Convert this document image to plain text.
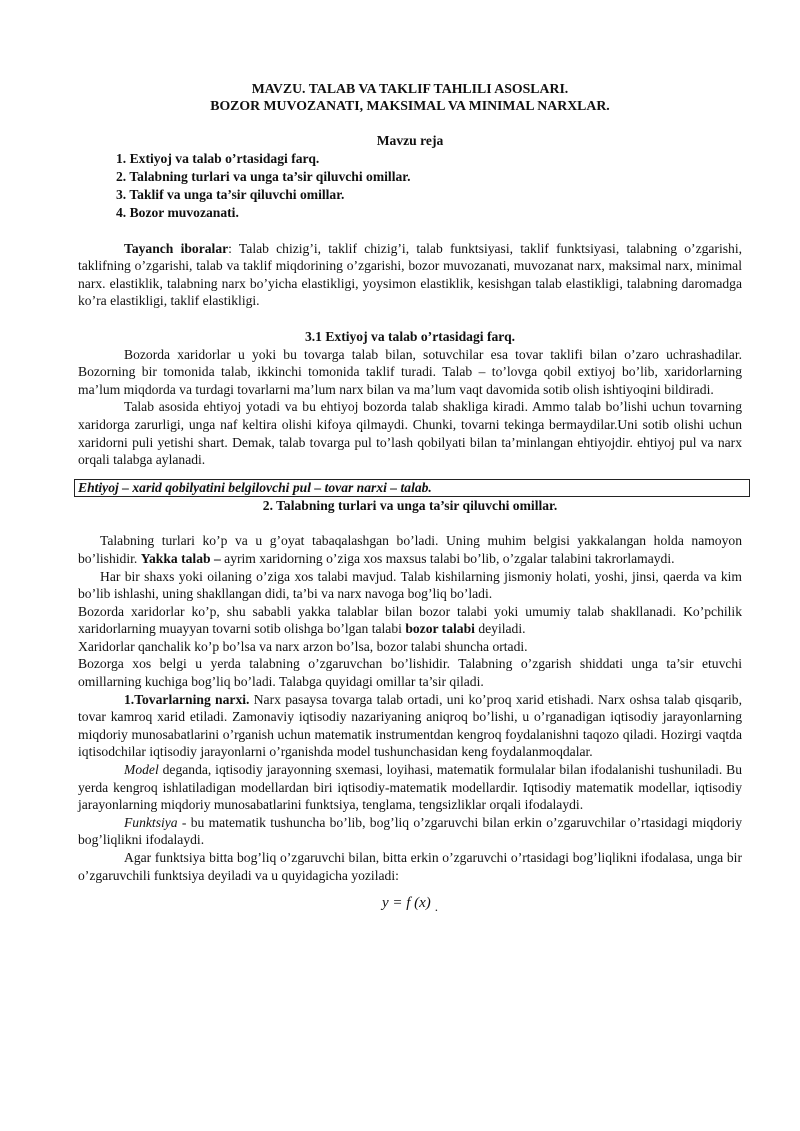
MAVZU. TALAB VA TAKLIF TAHLILI ASOSLARI.
BOZOR MUVOZANATI, MAKSIMAL VA MINIMAL NARXLAR.
Mavzu reja
1. Extiyoj va talab o’rtasidagi farq.
2. Talabning turlari va unga ta’sir qiluvchi omillar.
3. Taklif va unga ta’sir qiluvchi omillar.
4. Bozor muvozanati.

Tayanch iboralar: Talab chizig’i, taklif chizig’i, talab funktsiyasi, taklif funktsiyasi, talabning o’zgarishi, taklifning o’zgarishi, talab va taklif miqdorining o’zgarishi, bozor muvozanati, muvozanat narx, maksimal narx, minimal narx. elastiklik, talabning narx bo’yicha elastikligi, yoysimon elastiklik, kesishgan talab elastikligi, talabning daromadga ko’ra elastikligi, taklif elastikligi.

3.1 Extiyoj va talab o’rtasidagi farq.

Bozorda xaridorlar u yoki bu tovarga talab bilan, sotuvchilar esa tovar taklifi bilan o’zaro uchrashadilar. Bozorning bir tomonida talab, ikkinchi tomonida taklif turadi. Talab – to’lovga qobil extiyoj bo’lib, xaridorlarning ma’lum miqdorda va turdagi tovarlarni ma’lum narx bilan va ma’lum vaqt davomida sotib olish ishtiyoqini bildiradi.

Talab asosida ehtiyoj yotadi va bu ehtiyoj bozorda talab shakliga kiradi. Ammo talab bo’lishi uchun tovarning xaridorga zarurligi, unga naf keltira olishi kifoya qilmaydi. Chunki, tovarni tekinga bermaydilar.Uni sotib olishi uchun xaridorni puli yetishi shart. Demak, talab tovarga pul to’lash qobilyati bilan ta’minlangan ehtiyojdir. ehtiyoj pul va narx orqali talabga aylanadi.

Ehtiyoj – xarid qobilyatini belgilovchi pul – tovar narxi – talab.
2. Talabning turlari va unga ta’sir qiluvchi omillar.

Talabning turlari ko’p va u g’oyat tabaqalashgan bo’ladi. Uning muhim belgisi yakkalangan holda namoyon bo’lishidir. Yakka talab – ayrim xaridorning o’ziga xos maxsus talabi bo’lib, o’zgalar talabini takrorlamaydi.

Har bir shaxs yoki oilaning o’ziga xos talabi mavjud. Talab kishilarning jismoniy holati, yoshi, jinsi, qaerda va kim bo’lib ishlashi, uning shakllangan didi, ta’bi va narx navoga bog’liq bo’ladi.

Bozorda xaridorlar ko’p, shu sababli yakka talablar bilan bozor talabi yoki umumiy talab shakllanadi. Ko’pchilik xaridorlarning muayyan tovarni sotib olishga bo’lgan talabi bozor talabi deyiladi.

Xaridorlar qanchalik ko’p bo’lsa va narx arzon bo’lsa, bozor talabi shuncha ortadi.

Bozorga xos belgi u yerda talabning o’zgaruvchan bo’lishidir. Talabning o’zgarish shiddati unga ta’sir etuvchi omillarning kuchiga bog’liq bo’ladi. Talabga quyidagi omillar ta’sir qiladi.

1.Tovarlarning narxi. Narx pasaysa tovarga talab ortadi, uni ko’proq xarid etishadi. Narx oshsa talab qisqarib, tovar kamroq xarid etiladi. Zamonaviy iqtisodiy nazariyaning aniqroq bo’lishi, u o’rganadigan iqtisodiy jarayonlarning miqdoriy munosabatlarini o’rganish uchun matematik instrumentdan kengroq foydalanishni taqozo qiladi. Hozirgi vaqtda iqtisodchilar iqtisodiy jarayonlarni o’rganishda model tushunchasidan keng foydalanmoqdalar.

Model deganda, iqtisodiy jarayonning sxemasi, loyihasi, matematik formulalar bilan ifodalanishi tushuniladi. Bu yerda kengroq ishlatiladigan modellardan biri iqtisodiy-matematik modellardir. Iqtisodiy matematik modellar, iqtisodiy jarayonlarning miqdoriy munosabatlarini funktsiya, tenglama, tengsizliklar orqali ifodalaydi.

Funktsiya - bu matematik tushuncha bo’lib, bog’liq o’zgaruvchi bilan erkin o’zgaruvchilar o’rtasidagi miqdoriy bog’liqlikni ifodalaydi.

Agar funktsiya bitta bog’liq o’zgaruvchi bilan, bitta erkin o’zgaruvchi o’rtasidagi bog’liqlikni ifodalasa, unga bir o’zgaruvchili funktsiya deyiladi va u quyidagicha yoziladi:

y = f (x) .
